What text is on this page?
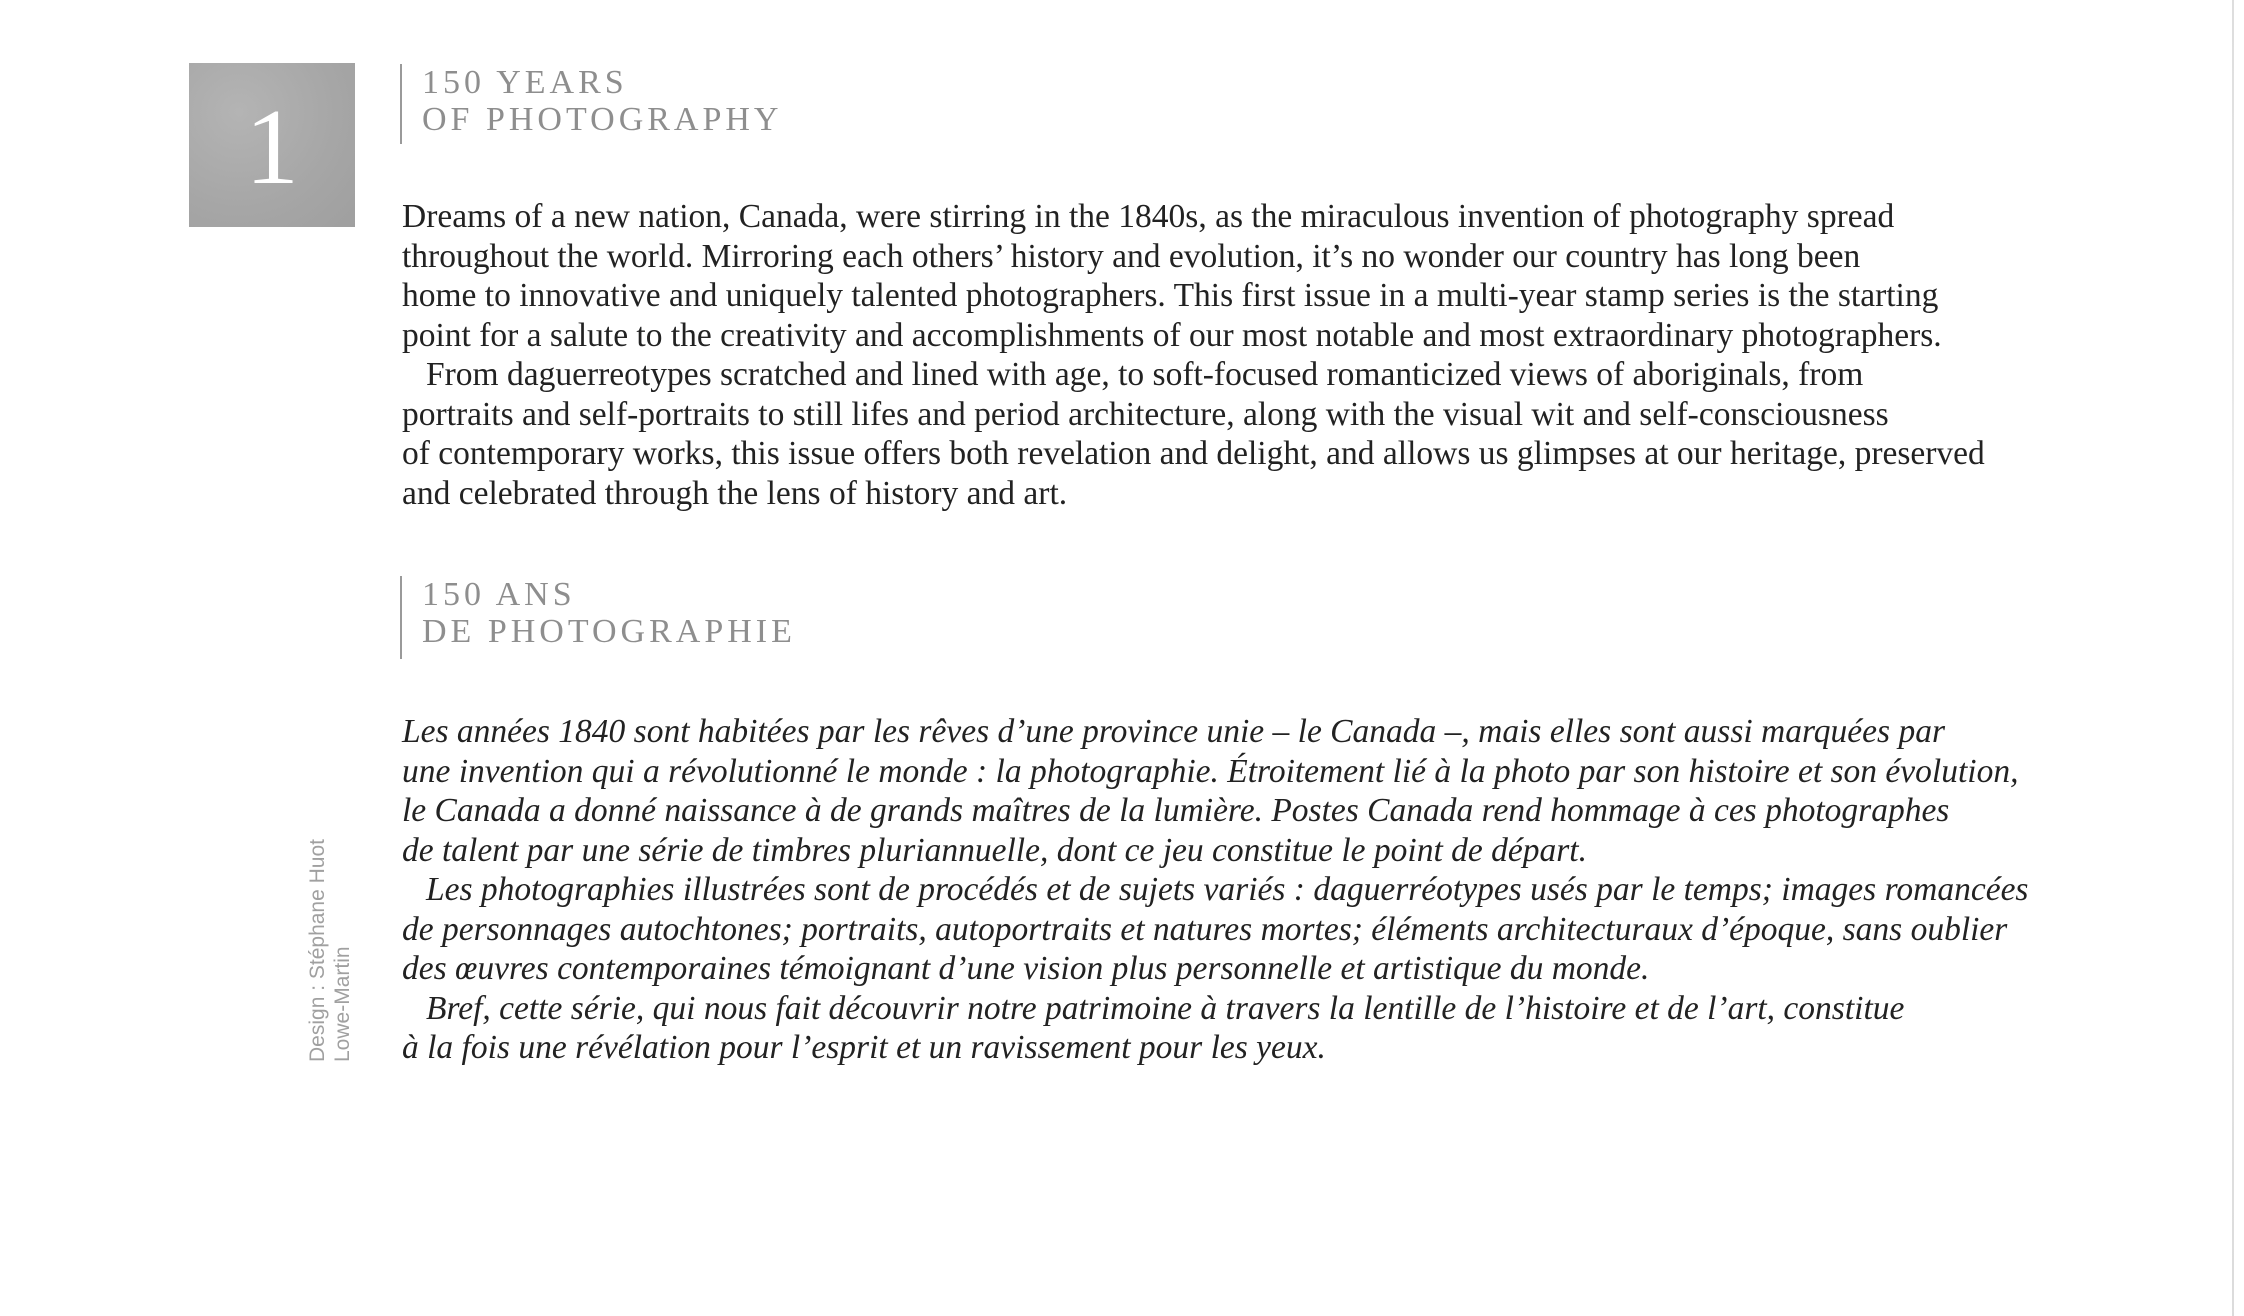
1
150 YEARS
OF PHOTOGRAPHY
Dreams of a new nation, Canada, were stirring in the 1840s, as the miraculous invention of photography spread
throughout the world. Mirroring each others’ history and evolution, it’s no wonder our country has long been
home to innovative and uniquely talented photographers. This first issue in a multi-year stamp series is the starting
point for a salute to the creativity and accomplishments of our most notable and most extraordinary photographers.
From daguerreotypes scratched and lined with age, to soft-focused romanticized views of aboriginals, from
portraits and self-portraits to still lifes and period architecture, along with the visual wit and self-consciousness
of contemporary works, this issue offers both revelation and delight, and allows us glimpses at our heritage, preserved
and celebrated through the lens of history and art.
150 ANS
DE PHOTOGRAPHIE
Les années 1840 sont habitées par les rêves d’une province unie – le Canada –, mais elles sont aussi marquées par
une invention qui a révolutionné le monde : la photographie. Étroitement lié à la photo par son histoire et son évolution,
le Canada a donné naissance à de grands maîtres de la lumière. Postes Canada rend hommage à ces photographes
de talent par une série de timbres pluriannuelle, dont ce jeu constitue le point de départ.
Les photographies illustrées sont de procédés et de sujets variés : daguerréotypes usés par le temps; images romancées
de personnages autochtones; portraits, autoportraits et natures mortes; éléments architecturaux d’époque, sans oublier
des œuvres contemporaines témoignant d’une vision plus personnelle et artistique du monde.
Bref, cette série, qui nous fait découvrir notre patrimoine à travers la lentille de l’histoire et de l’art, constitue
à la fois une révélation pour l’esprit et un ravissement pour les yeux.
Design : Stéphane Huot Lowe-Martin
